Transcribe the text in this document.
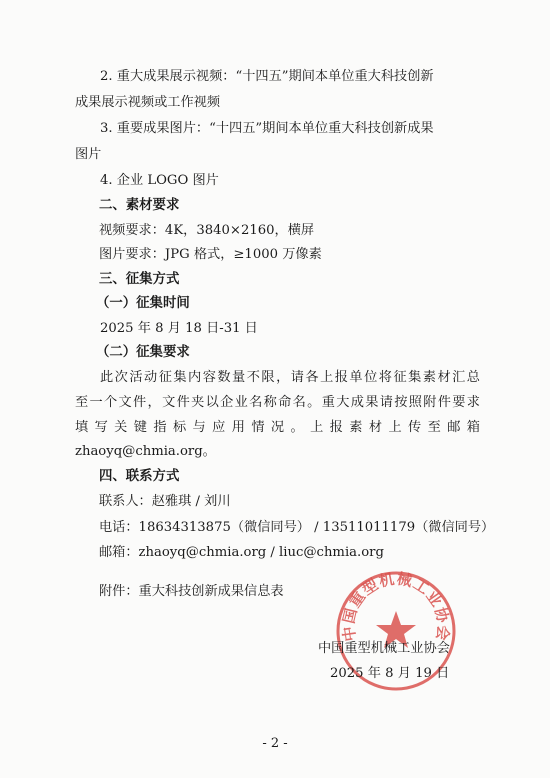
2. 重大成果展示视频：“十四五”期间本单位重大科技创新
成果展示视频或工作视频
3. 重要成果图片：“十四五”期间本单位重大科技创新成果
图片
4. 企业 LOGO 图片
二、素材要求
视频要求：4K，3840×2160，横屏
图片要求：JPG 格式，≥1000 万像素
三、征集方式
（一）征集时间
2025 年 8 月 18 日-31 日
（二）征集要求
此次活动征集内容数量不限，请各上报单位将征集素材汇总
至一个文件，文件夹以企业名称命名。重大成果请按照附件要求
填写关键指标与应用情况。上报素材上传至邮箱
zhaoyq@chmia.org。
四、联系方式
联系人：赵雅琪 / 刘川
电话：18634313875（微信同号） / 13511011179（微信同号）
邮箱：zhaoyq@chmia.org / liuc@chmia.org
附件：重大科技创新成果信息表
中国重型机械工业协会
中国重型机械工业协会
2025 年 8 月 19 日
- 2 -
